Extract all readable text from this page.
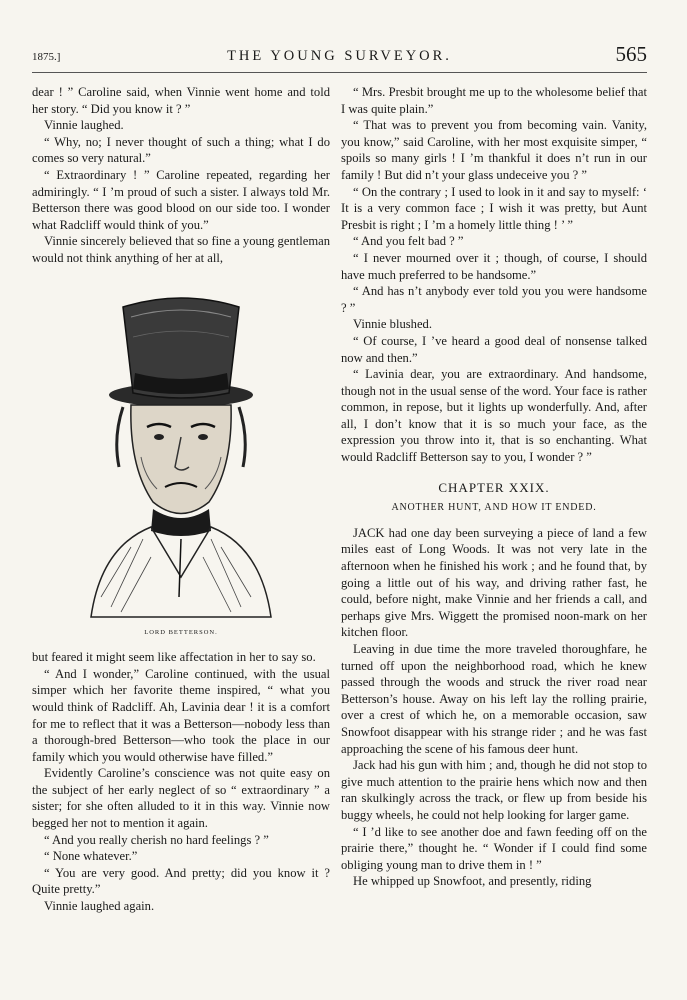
1875.]	THE YOUNG SURVEYOR.	565

dear ! ” Caroline said, when Vinnie went home and told her story. “ Did you know it ? ”

Vinnie laughed.

“ Why, no; I never thought of such a thing; what I do comes so very natural.”

“ Extraordinary ! ” Caroline repeated, regarding her admiringly. “ I ’m proud of such a sister. I always told Mr. Betterson there was good blood on our side too. I wonder what Radcliff would think of you.”

Vinnie sincerely believed that so fine a young gentleman would not think anything of her at all,

LORD BETTERSON.

but feared it might seem like affectation in her to say so.

“ And I wonder,” Caroline continued, with the usual simper which her favorite theme inspired, “ what you would think of Radcliff. Ah, Lavinia dear ! it is a comfort for me to reflect that it was a Betterson—nobody less than a thorough-bred Betterson—who took the place in our family which you would otherwise have filled.”

Evidently Caroline’s conscience was not quite easy on the subject of her early neglect of so “ extraordinary ” a sister; for she often alluded to it in this way. Vinnie now begged her not to mention it again.

“ And you really cherish no hard feelings ? ”

“ None whatever.”

“ You are very good. And pretty; did you know it ? Quite pretty.”

Vinnie laughed again.

“ Mrs. Presbit brought me up to the wholesome belief that I was quite plain.”

“ That was to prevent you from becoming vain. Vanity, you know,” said Caroline, with her most exquisite simper, “ spoils so many girls ! I ’m thankful it does n’t run in our family ! But did n’t your glass undeceive you ? ”

“ On the contrary ; I used to look in it and say to myself: ‘ It is a very common face ; I wish it was pretty, but Aunt Presbit is right ; I ’m a homely little thing ! ’ ”

“ And you felt bad ? ”

“ I never mourned over it ; though, of course, I should have much preferred to be handsome.”

“ And has n’t anybody ever told you you were handsome ? ”

Vinnie blushed.

“ Of course, I ’ve heard a good deal of nonsense talked now and then.”

“ Lavinia dear, you are extraordinary. And handsome, though not in the usual sense of the word. Your face is rather common, in repose, but it lights up wonderfully. And, after all, I don’t know that it is so much your face, as the expression you throw into it, that is so enchanting. What would Radcliff Betterson say to you, I wonder ? ”

CHAPTER XXIX.
ANOTHER HUNT, AND HOW IT ENDED.

JACK had one day been surveying a piece of land a few miles east of Long Woods. It was not very late in the afternoon when he finished his work ; and he found that, by going a little out of his way, and driving rather fast, he could, before night, make Vinnie and her friends a call, and perhaps give Mrs. Wiggett the promised noon-mark on her kitchen floor.

Leaving in due time the more traveled thoroughfare, he turned off upon the neighborhood road, which he knew passed through the woods and struck the river road near Betterson’s house. Away on his left lay the rolling prairie, over a crest of which he, on a memorable occasion, saw Snowfoot disappear with his strange rider ; and he was fast approaching the scene of his famous deer hunt.

Jack had his gun with him ; and, though he did not stop to give much attention to the prairie hens which now and then ran skulkingly across the track, or flew up from beside his buggy wheels, he could not help looking for larger game.

“ I ’d like to see another doe and fawn feeding off on the prairie there,” thought he. “ Wonder if I could find some obliging young man to drive them in ! ”

He whipped up Snowfoot, and presently, riding
